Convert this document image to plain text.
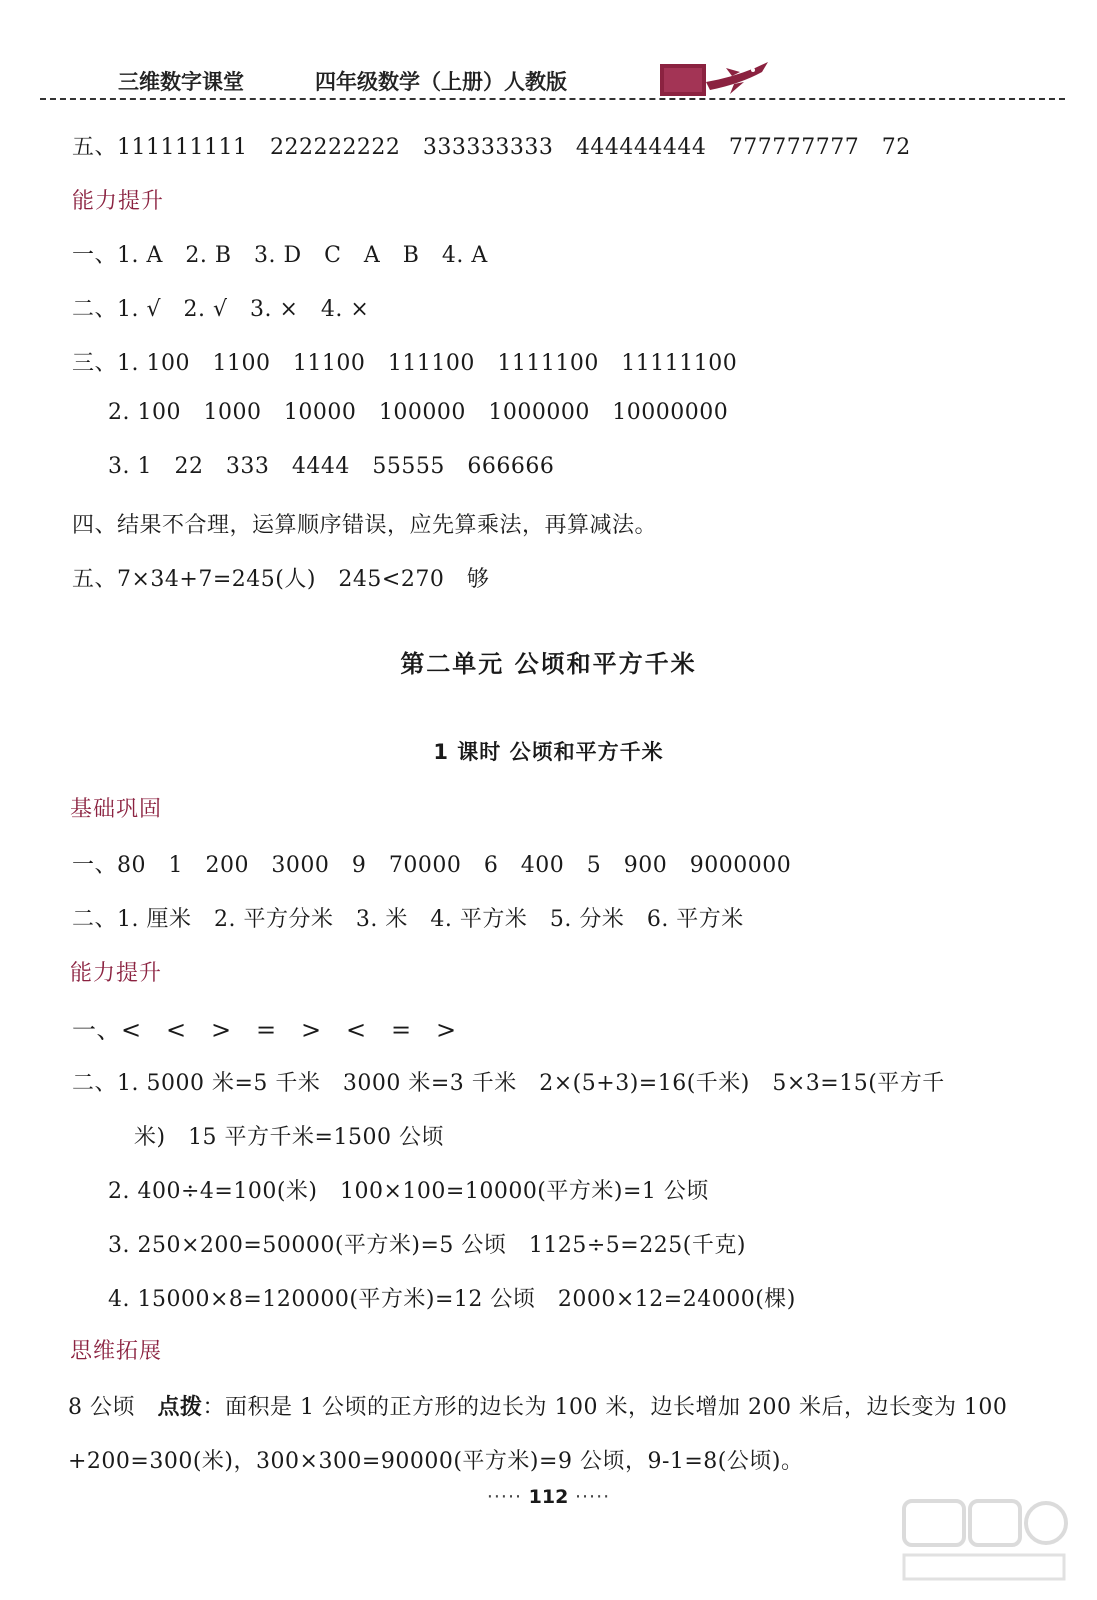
三维数字课堂	四年级数学（上册）人教版
五、111111111   222222222   333333333   444444444   777777777   72
能力提升
一、1. A   2. B   3. D   C   A   B   4. A
二、1. √   2. √   3. ×   4. ×
三、1. 100   1100   11100   111100   1111100   11111100
2. 100   1000   10000   100000   1000000   10000000
3. 1   22   333   4444   55555   666666
四、结果不合理，运算顺序错误，应先算乘法，再算减法。
五、7×34+7=245(人)   245<270   够
第二单元 公顷和平方千米
1 课时 公顷和平方千米
基础巩固
一、80   1   200   3000   9   70000   6   400   5   900   9000000
二、1. 厘米   2. 平方分米   3. 米   4. 平方米   5. 分米   6. 平方米
能力提升
一、<   <   >   =   >   <   =   >
二、1. 5000 米=5 千米   3000 米=3 千米   2×(5+3)=16(千米)   5×3=15(平方千
米)   15 平方千米=1500 公顷
2. 400÷4=100(米)   100×100=10000(平方米)=1 公顷
3. 250×200=50000(平方米)=5 公顷   1125÷5=225(千克)
4. 15000×8=120000(平方米)=12 公顷   2000×12=24000(棵)
思维拓展
8 公顷   点拨：面积是 1 公顷的正方形的边长为 100 米，边长增加 200 米后，边长变为 100
+200=300(米)，300×300=90000(平方米)=9 公顷，9-1=8(公顷)。
····· 112 ·····
